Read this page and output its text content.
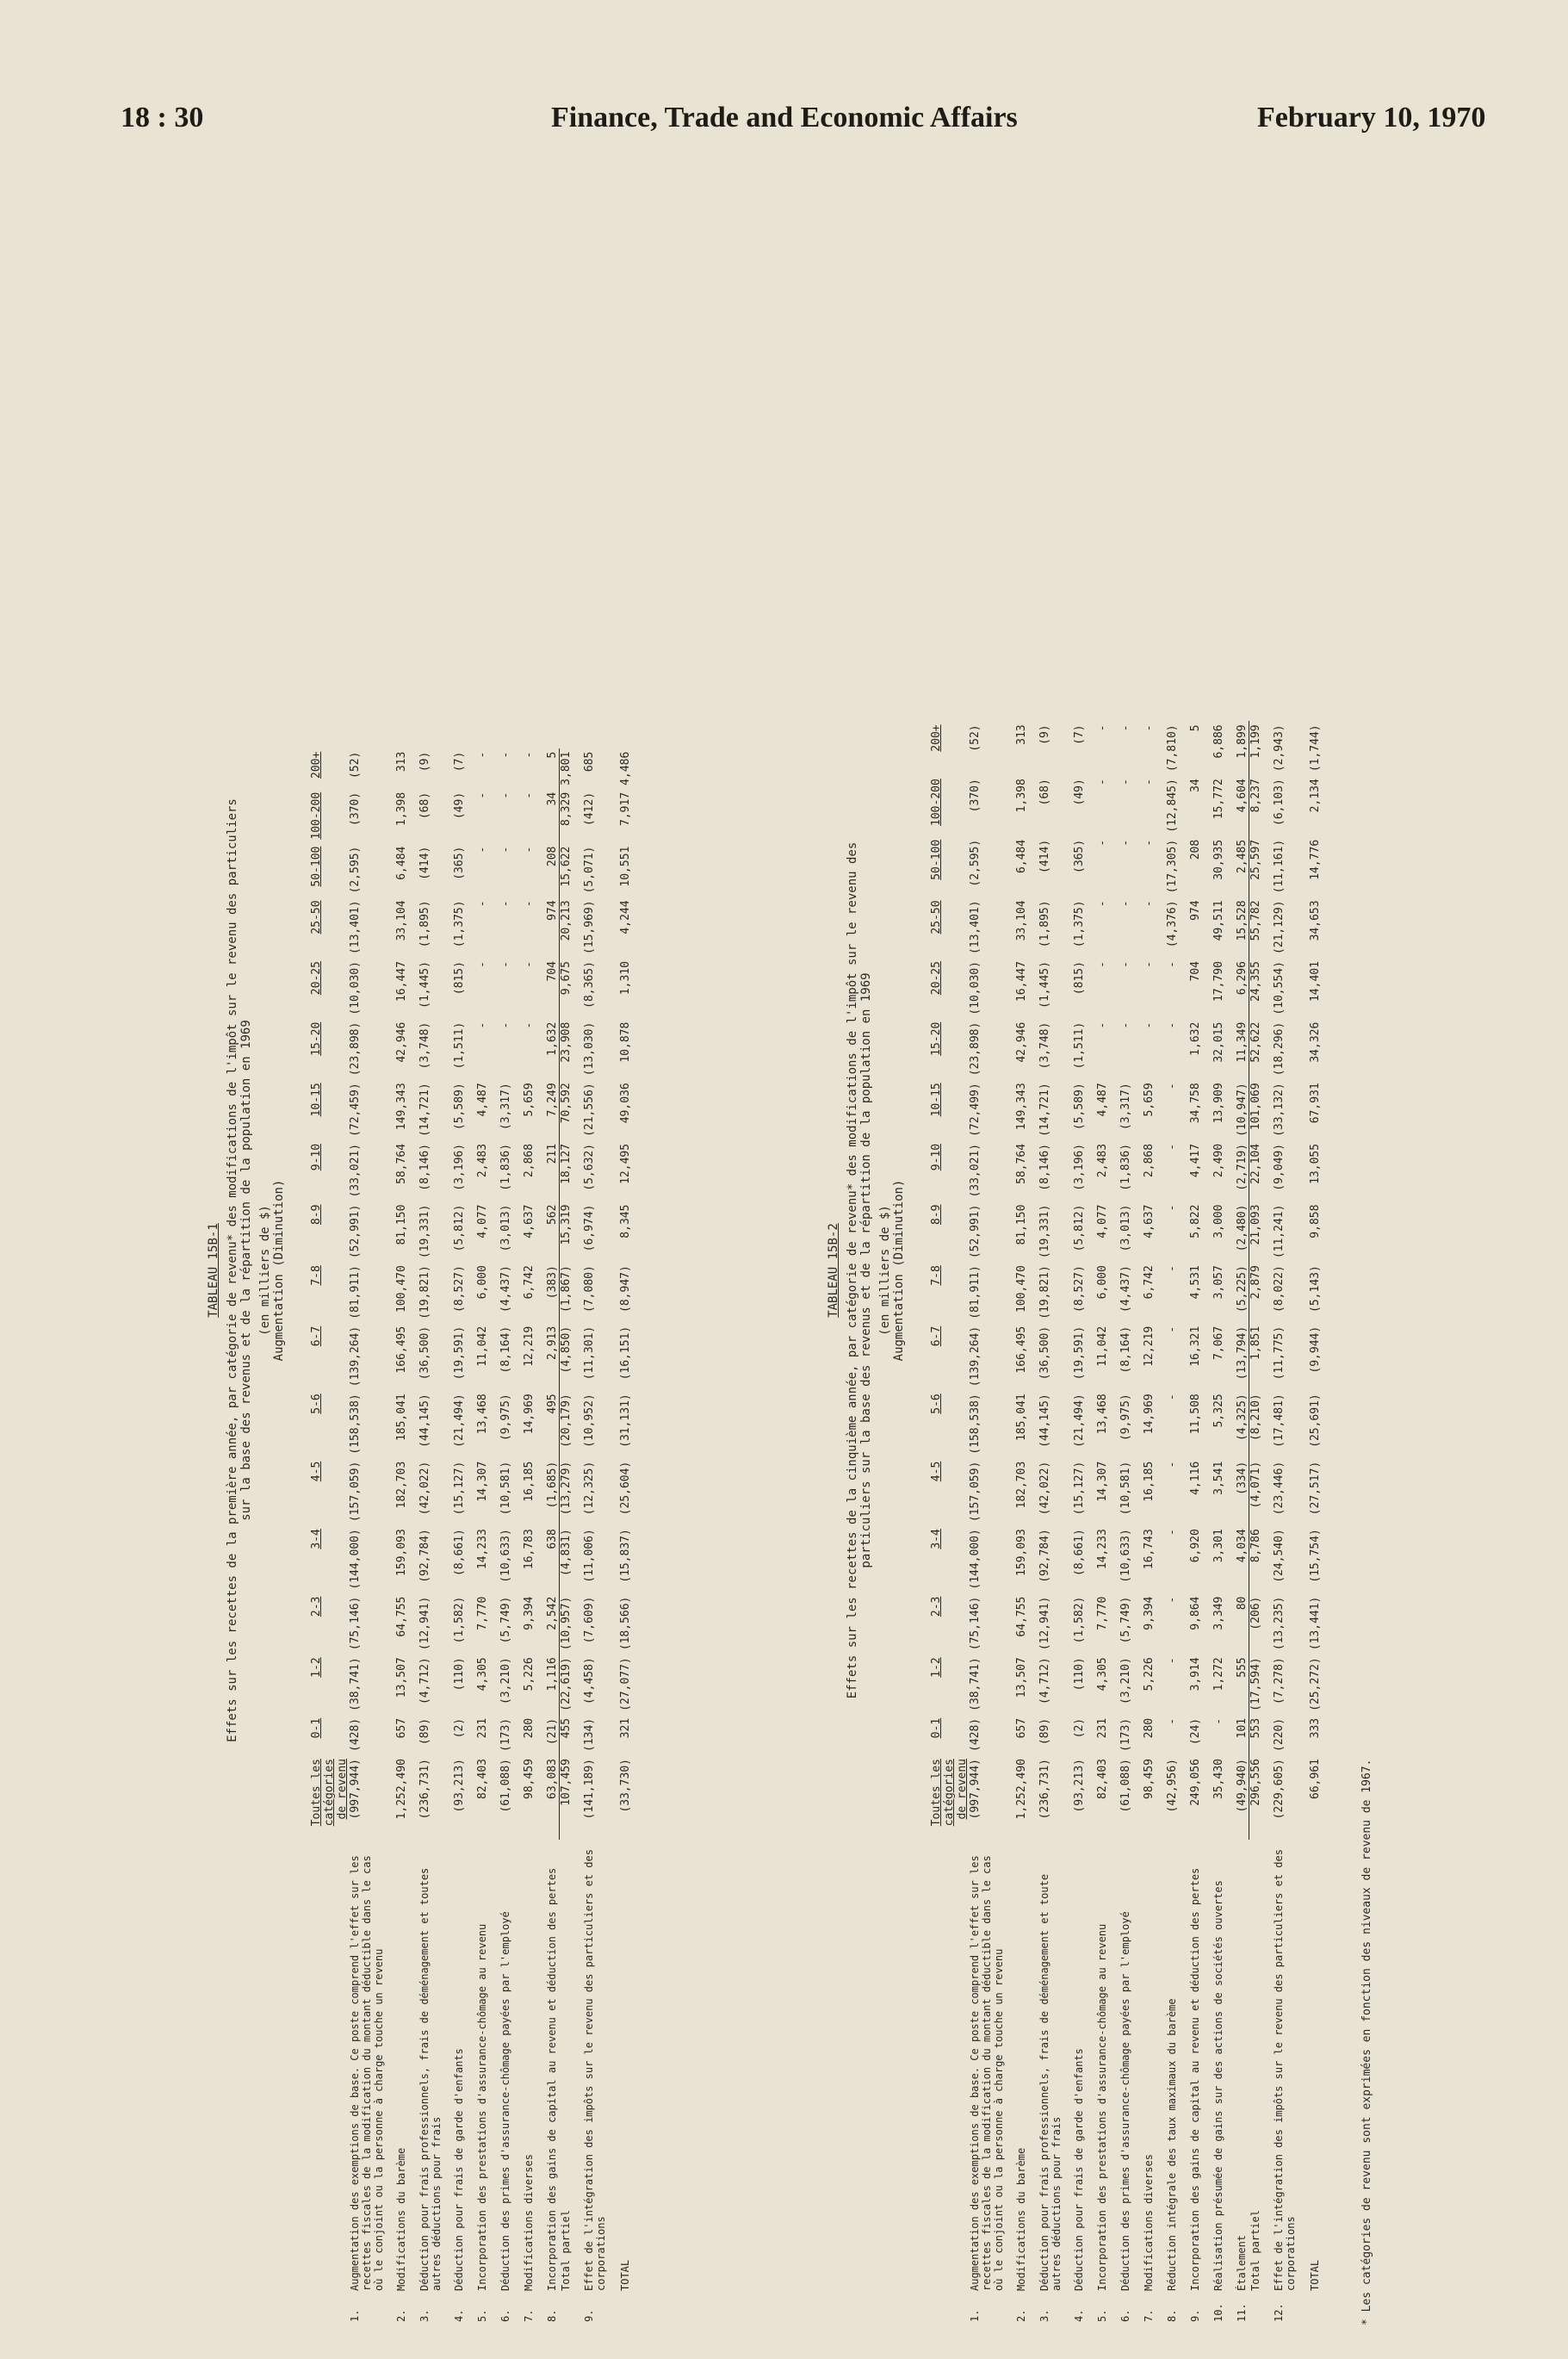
18 : 30	Finance, Trade and Economic Affairs	February 10, 1970
TABLEAU 15B-1 Effets sur les recettes de la première année, par catégorie de revenu* des modifications de l'impôt sur le revenu des particuliers sur la base des revenus et de la répartition de la population en 1969 (en milliers de $) Augmentation (Diminution)
		Toutes les catégories de revenu	0-1	1-2	2-3	3-4	4-5	5-6	6-7	7-8	8-9	9-10	10-15	15-20	20-25	25-50	50-100	100-200	200+
1.	Augmentation des exemptions de base. Ce poste comprend l'effet sur les recettes fiscales de la modification du montant déductible dans le cas où le conjoint ou la personne à charge touche un revenu	(997,944)	(428)	(38,741)	(75,146)	(144,000)	(157,059)	(158,538)	(139,264)	(81,911)	(52,991)	(33,021)	(72,459)	(23,898)	(10,030)	(13,401)	(2,595)	(370)	(52)
2.	Modifications du barème	1,252,490	657	13,507	64,755	159,093	182,703	185,041	166,495	100,470	81,150	58,764	149,343	42,946	16,447	33,104	6,484	1,398	313
3.	Déduction pour frais professionnels, frais de déménagement et toutes autres déductions pour frais	(236,731)	(89)	(4,712)	(12,941)	(92,784)	(42,022)	(44,145)	(36,500)	(19,821)	(19,331)	(8,146)	(14,721)	(3,748)	(1,445)	(1,895)	(414)	(68)	(9)
4.	Déduction pour frais de garde d'enfants	(93,213)	(2)	(110)	(1,582)	(8,661)	(15,127)	(21,494)	(19,591)	(8,527)	(5,812)	(3,196)	(5,589)	(1,511)	(815)	(1,375)	(365)	(49)	(7)
5.	Incorporation des prestations d'assurance-chômage au revenu	82,403	231	4,305	7,770	14,233	14,307	13,468	11,042	6,000	4,077	2,483	4,487	-	-	-	-	-	-
6.	Déduction des primes d'assurance-chômage payées par l'employé	(61,088)	(173)	(3,210)	(5,749)	(10,633)	(10,581)	(9,975)	(8,164)	(4,437)	(3,013)	(1,836)	(3,317)	-	-	-	-	-	-
7.	Modifications diverses	98,459	280	5,226	9,394	16,783	16,185	14,969	12,219	6,742	4,637	2,868	5,659	-	-	-	-	-	-
8.	Incorporation des gains de capital au revenu et déduction des pertes	63,083	(21)	1,116	2,542	638	(1,685)	495	2,913	(383)	562	211	7,249	1,632	704	974	208	34	5
	Total partiel	107,459	455	(22,619)	(10,957)	(4,831)	(13,279)	(20,179)	(4,850)	(1,867)	15,319	18,127	70,592	23,908	9,675	20,213	15,622	8,329	3,801
9.	Effet de l'intégration des impôts sur le revenu des particuliers et des corporations	(141,189)	(134)	(4,458)	(7,609)	(11,006)	(12,325)	(10,952)	(11,301)	(7,080)	(6,974)	(5,632)	(21,556)	(13,030)	(8,365)	(15,969)	(5,071)	(412)	685
	TOTAL	(33,730)	321	(27,077)	(18,566)	(15,837)	(25,604)	(31,131)	(16,151)	(8,947)	8,345	12,495	49,036	10,878	1,310	4,244	10,551	7,917	4,486
TABLEAU 15B-2 Effets sur les recettes de la cinquième année, par catégorie de revenu* des modifications de l'impôt sur le revenu des particuliers sur la base des revenus et de la répartition de la population en 1969 (en milliers de $) Augmentation (Diminution)
		Toutes les catégories de revenu	0-1	1-2	2-3	3-4	4-5	5-6	6-7	7-8	8-9	9-10	10-15	15-20	20-25	25-50	50-100	100-200	200+
1.	Augmentation des exemptions de base. Ce poste comprend l'effet sur les recettes fiscales de la modification du montant déductible dans le cas où le conjoint ou la personne à charge touche un revenu	(997,944)	(428)	(38,741)	(75,146)	(144,000)	(157,059)	(158,538)	(139,264)	(81,911)	(52,991)	(33,021)	(72,499)	(23,898)	(10,030)	(13,401)	(2,595)	(370)	(52)
2.	Modifications du barème	1,252,490	657	13,507	64,755	159,093	182,703	185,041	166,495	100,470	81,150	58,764	149,343	42,946	16,447	33,104	6,484	1,398	313
3.	Déduction pour frais professionnels, frais de déménagement et toute autres déductions pour frais	(236,731)	(89)	(4,712)	(12,941)	(92,784)	(42,022)	(44,145)	(36,500)	(19,821)	(19,331)	(8,146)	(14,721)	(3,748)	(1,445)	(1,895)	(414)	(68)	(9)
4.	Déduction pour frais de garde d'enfants	(93,213)	(2)	(110)	(1,582)	(8,661)	(15,127)	(21,494)	(19,591)	(8,527)	(5,812)	(3,196)	(5,589)	(1,511)	(815)	(1,375)	(365)	(49)	(7)
5.	Incorporation des prestations d'assurance-chômage au revenu	82,403	231	4,305	7,770	14,233	14,307	13,468	11,042	6,000	4,077	2,483	4,487	-	-	-	-	-	-
6.	Déduction des primes d'assurance-chômage payées par l'employé	(61,088)	(173)	(3,210)	(5,749)	(10,633)	(10,581)	(9,975)	(8,164)	(4,437)	(3,013)	(1,836)	(3,317)	-	-	-	-	-	-
7.	Modifications diverses	98,459	280	5,226	9,394	16,743	16,185	14,969	12,219	6,742	4,637	2,868	5,659	-	-	-	-	-	-
8.	Réduction intégrale des taux maximaux du barème	(42,956)	-	-	-	-	-	-	-	-	-	-	-	-	-	(4,376)	(17,305)	(12,845)	(7,810)
9.	Incorporation des gains de capital au revenu et déduction des pertes	249,056	(24)	3,914	9,864	6,920	4,116	11,508	16,321	4,531	5,822	4,417	34,758	1,632	704	974	208	34	5
10.	Réalisation présumée de gains sur des actions de sociétés ouvertes	35,430	-	1,272	3,349	3,301	3,541	5,325	7,067	3,057	3,000	2,490	13,909	32,015	17,790	49,511	30,935	15,772	6,886
11.	Étalement	(49,940)	101	555	80	4,034	(334)	(4,325)	(13,794)	(5,225)	(2,480)	(2,719)	(10,947)	11,349	6,296	15,528	2,485	4,604	1,899
	Total partiel	296,556	553	(17,594)	(206)	8,786	(4,071)	(8,210)	1,851	2,879	21,093	22,104	101,069	52,622	24,355	55,782	25,597	8,237	1,199
12.	Effet de l'intégration des impôts sur le revenu des particuliers et des corporations	(229,605)	(220)	(7,278)	(13,235)	(24,540)	(23,446)	(17,481)	(11,775)	(8,022)	(11,241)	(9,049)	(33,132)	(18,296)	(10,554)	(21,129)	(11,161)	(6,103)	(2,943)
	TOTAL	66,961	333	(25,272)	(13,441)	(15,754)	(27,517)	(25,691)	(9,944)	(5,143)	9,858	13,055	67,931	34,326	14,401	34,653	14,776	2,134	(1,744)
* Les catégories de revenu sont exprimées en fonction des niveaux de revenu de 1967.
